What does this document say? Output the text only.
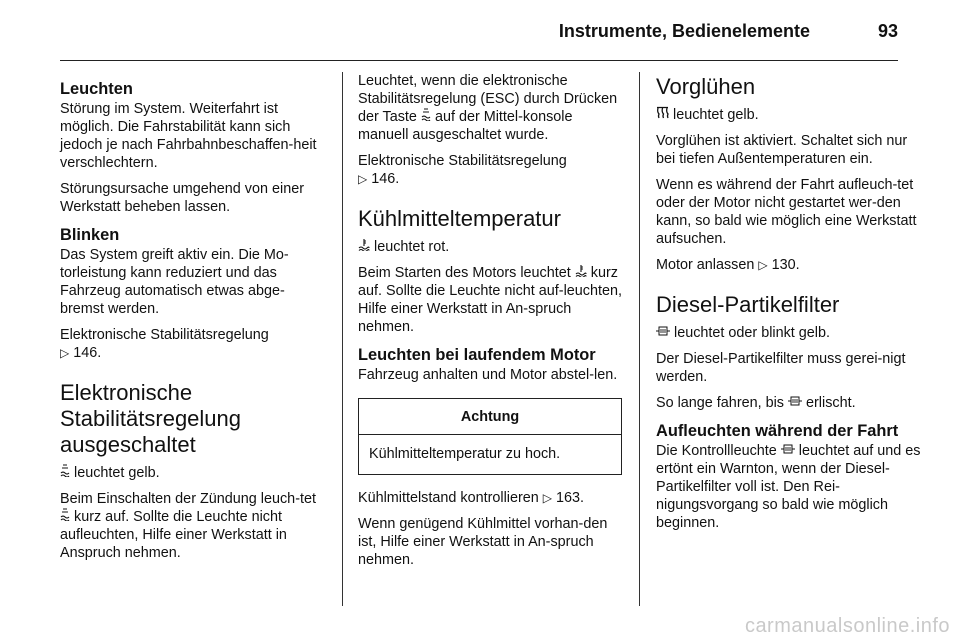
Instrumente, Bedienelemente	93
Leuchten

Störung im System. Weiterfahrt ist möglich. Die Fahrstabilität kann sich jedoch je nach Fahrbahnbeschaffen-heit verschlechtern.

Störungsursache umgehend von einer Werkstatt beheben lassen.

Blinken

Das System greift aktiv ein. Die Mo-torleistung kann reduziert und das Fahrzeug automatisch etwas abge-bremst werden.

Elektronische Stabilitätsregelung
▷ 146.

Elektronische
Stabilitätsregelung
ausgeschaltet

leuchtet gelb.

Beim Einschalten der Zündung leuch-tet  kurz auf. Sollte die Leuchte nicht aufleuchten, Hilfe einer Werkstatt in Anspruch nehmen.

Leuchtet, wenn die elektronische Stabilitätsregelung (ESC) durch Drücken der Taste auf der Mittel-konsole manuell ausgeschaltet wurde.

Elektronische Stabilitätsregelung
▷ 146.

Kühlmitteltemperatur

leuchtet rot.

Beim Starten des Motors leuchtet kurz auf. Sollte die Leuchte nicht auf-leuchten, Hilfe einer Werkstatt in An-spruch nehmen.

Leuchten bei laufendem Motor

Fahrzeug anhalten und Motor abstel-len.

Achtung
Kühlmitteltemperatur zu hoch.

Kühlmittelstand kontrollieren ▷ 163.

Wenn genügend Kühlmittel vorhan-den ist, Hilfe einer Werkstatt in An-spruch nehmen.

Vorglühen

leuchtet gelb.

Vorglühen ist aktiviert. Schaltet sich nur bei tiefen Außentemperaturen ein.

Wenn es während der Fahrt aufleuch-tet oder der Motor nicht gestartet wer-den kann, so bald wie möglich eine Werkstatt aufsuchen.

Motor anlassen ▷ 130.

Diesel-Partikelfilter

leuchtet oder blinkt gelb.

Der Diesel-Partikelfilter muss gerei-nigt werden.

So lange fahren, bis erlischt.

Aufleuchten während der Fahrt

Die Kontrollleuchte leuchtet auf und es ertönt ein Warnton, wenn der Diesel-Partikelfilter voll ist. Den Rei-nigungsvorgang so bald wie möglich beginnen.

carmanualsonline.info
